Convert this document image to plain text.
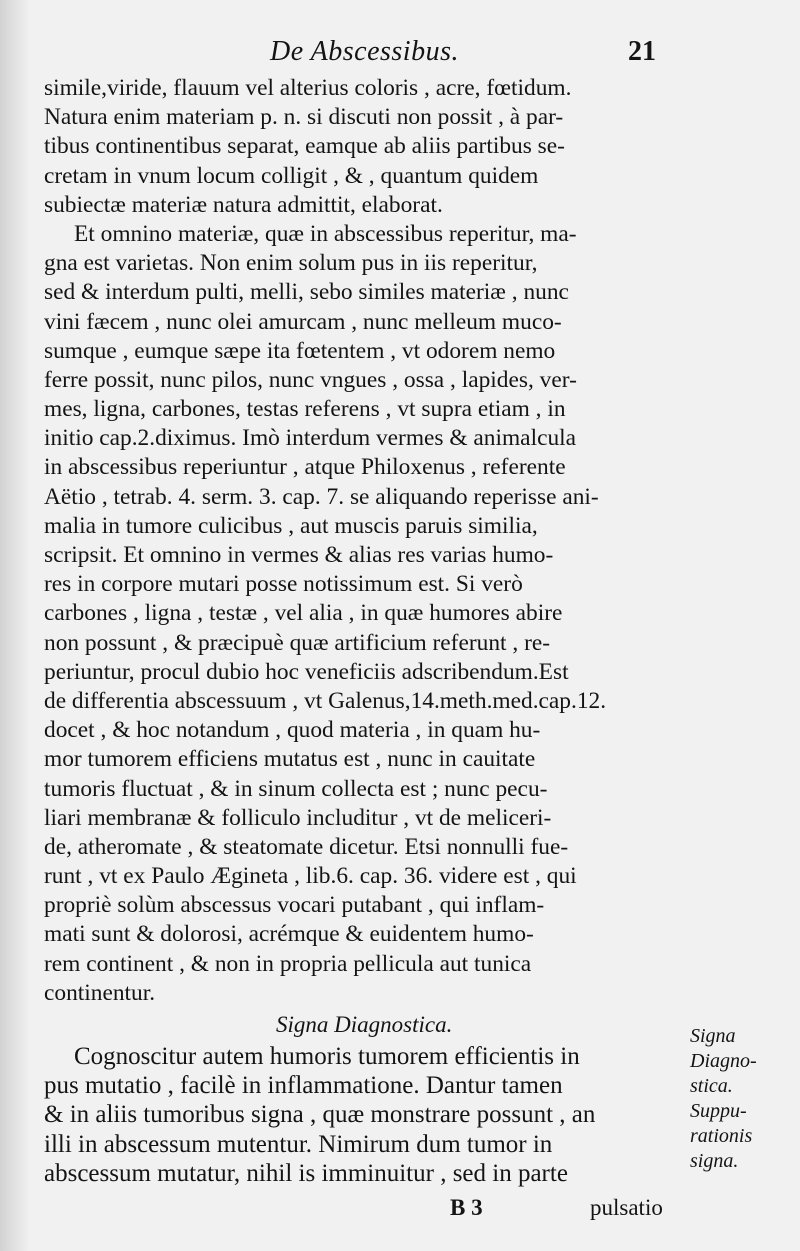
De Abscessibus.	21
simile,viride, flauum vel alterius coloris , acre, fœtidum.
Natura enim materiam p. n. si discuti non possit , à par-
tibus continentibus separat, eamque ab aliis partibus se-
cretam in vnum locum colligit , & , quantum quidem
subiectæ materiæ natura admittit, elaborat.
Et omnino materiæ, quæ in abscessibus reperitur, ma-
gna est varietas. Non enim solum pus in iis reperitur,
sed & interdum pulti, melli, sebo similes materiæ , nunc
vini fæcem , nunc olei amurcam , nunc melleum muco-
sumque , eumque sæpe ita fœtentem , vt odorem nemo
ferre possit, nunc pilos, nunc vngues , ossa , lapides, ver-
mes, ligna, carbones, testas referens , vt supra etiam , in
initio cap.2.diximus. Imò interdum vermes & animalcula
in abscessibus reperiuntur , atque Philoxenus , referente
Aëtio , tetrab. 4. serm. 3. cap. 7. se aliquando reperisse ani-
malia in tumore culicibus , aut muscis paruis similia,
scripsit. Et omnino in vermes & alias res varias humo-
res in corpore mutari posse notissimum est. Si verò
carbones , ligna , testæ , vel alia , in quæ humores abire
non possunt , & præcipuè quæ artificium referunt , re-
periuntur, procul dubio hoc veneficiis adscribendum.Est
de differentia abscessuum , vt Galenus,14.meth.med.cap.12.
docet , & hoc notandum , quod materia , in quam hu-
mor tumorem efficiens mutatus est , nunc in cauitate
tumoris fluctuat , & in sinum collecta est ; nunc pecu-
liari membranæ & folliculo includitur , vt de meliceri-
de, atheromate , & steatomate dicetur. Etsi nonnulli fue-
runt , vt ex Paulo Ægineta , lib.6. cap. 36. videre est , qui
propriè solùm abscessus vocari putabant , qui inflam-
mati sunt & dolorosi, acrémque & euidentem humo-
rem continent , & non in propria pellicula aut tunica
continentur.
Signa Diagnostica.
Cognoscitur autem humoris tumorem efficientis in
pus mutatio , facilè in inflammatione. Dantur tamen
& in aliis tumoribus signa , quæ monstrare possunt , an
illi in abscessum mutentur. Nimirum dum tumor in
abscessum mutatur, nihil is imminuitur , sed in parte
Signa
Diagno-
stica.
Suppu-
rationis
signa.
B 3	pulsatio
